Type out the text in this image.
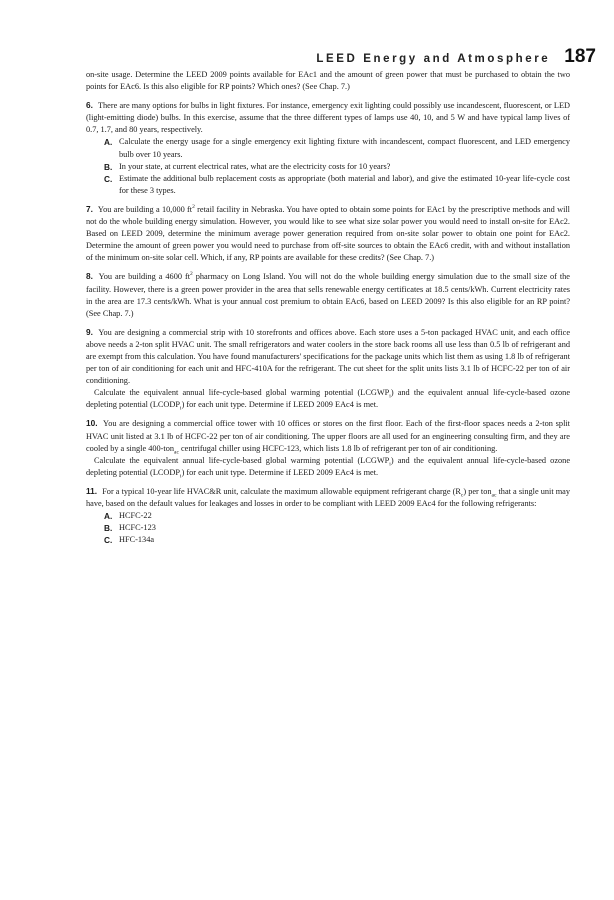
LEED Energy and Atmosphere 187

on-site usage. Determine the LEED 2009 points available for EAc1 and the amount of green power that must be purchased to obtain the two points for EAc6. Is this also eligible for RP points? Which ones? (See Chap. 7.)

6. There are many options for bulbs in light fixtures. For instance, emergency exit lighting could possibly use incandescent, fluorescent, or LED (light-emitting diode) bulbs. In this exercise, assume that the three different types of lamps use 40, 10, and 5 W and have typical lamp lives of 0.7, 1.7, and 80 years, respectively.

A. Calculate the energy usage for a single emergency exit lighting fixture with incandescent, compact fluorescent, and LED emergency bulb over 10 years.
B. In your state, at current electrical rates, what are the electricity costs for 10 years?
C. Estimate the additional bulb replacement costs as appropriate (both material and labor), and give the estimated 10-year life-cycle cost for these 3 types.

7. You are building a 10,000 $ft^2$ retail facility in Nebraska. You have opted to obtain some points for EAc1 by the prescriptive methods and will not do the whole building energy simulation. However, you would like to see what size solar power you would need to install on-site for EAc2. Based on LEED 2009, determine the minimum average power generation required from on-site solar power to obtain one point for EAc2. Determine the amount of green power you would need to purchase from off-site sources to obtain the EAc6 credit, with and without installation of the minimum on-site solar cell. Which, if any, RP points are available for these credits? (See Chap. 7.)

8. You are building a 4600 $ft^2$ pharmacy on Long Island. You will not do the whole building energy simulation due to the small size of the facility. However, there is a green power provider in the area that sells renewable energy certificates at 18.5 cents/kWh. Current electricity rates in the area are 17.3 cents/kWh. What is your annual cost premium to obtain EAc6, based on LEED 2009? Is this also eligible for an RP point? (See Chap. 7.)

9. You are designing a commercial strip with 10 storefronts and offices above. Each store uses a 5-ton packaged HVAC unit, and each office above needs a 2-ton split HVAC unit. The small refrigerators and water coolers in the store back rooms all use less than 0.5 lb of refrigerant and are exempt from this calculation. You have found manufacturers' specifications for the package units which list them as using 1.8 lb of refrigerant per ton of air conditioning for each unit and HFC-410A for the refrigerant. The cut sheet for the split units lists 3.1 lb of HCFC-22 per ton of air conditioning.

Calculate the equivalent annual life-cycle-based global warming potential $(LCGWP_i)$ and the equivalent annual life-cycle-based ozone depleting potential $(LCODP_i)$ for each unit type. Determine if LEED 2009 EAc4 is met.

10. You are designing a commercial office tower with 10 offices or stores on the first floor. Each of the first-floor spaces needs a 2-ton split HVAC unit listed at 3.1 lb of HCFC-22 per ton of air conditioning. The upper floors are all used for an engineering consulting firm, and they are cooled by a single 400-ton$_{ac}$ centrifugal chiller using HCFC-123, which lists 1.8 lb of refrigerant per ton of air conditioning.

Calculate the equivalent annual life-cycle-based global warming potential $(LCGWP_i)$ and the equivalent annual life-cycle-based ozone depleting potential $(LCODP_i)$ for each unit type. Determine if LEED 2009 EAc4 is met.

11. For a typical 10-year life HVAC&R unit, calculate the maximum allowable equipment refrigerant charge $(R_c)$ per ton$_{ac}$ that a single unit may have, based on the default values for leakages and losses in order to be compliant with LEED 2009 EAc4 for the following refrigerants:

A. HCFC-22
B. HCFC-123
C. HFC-134a
